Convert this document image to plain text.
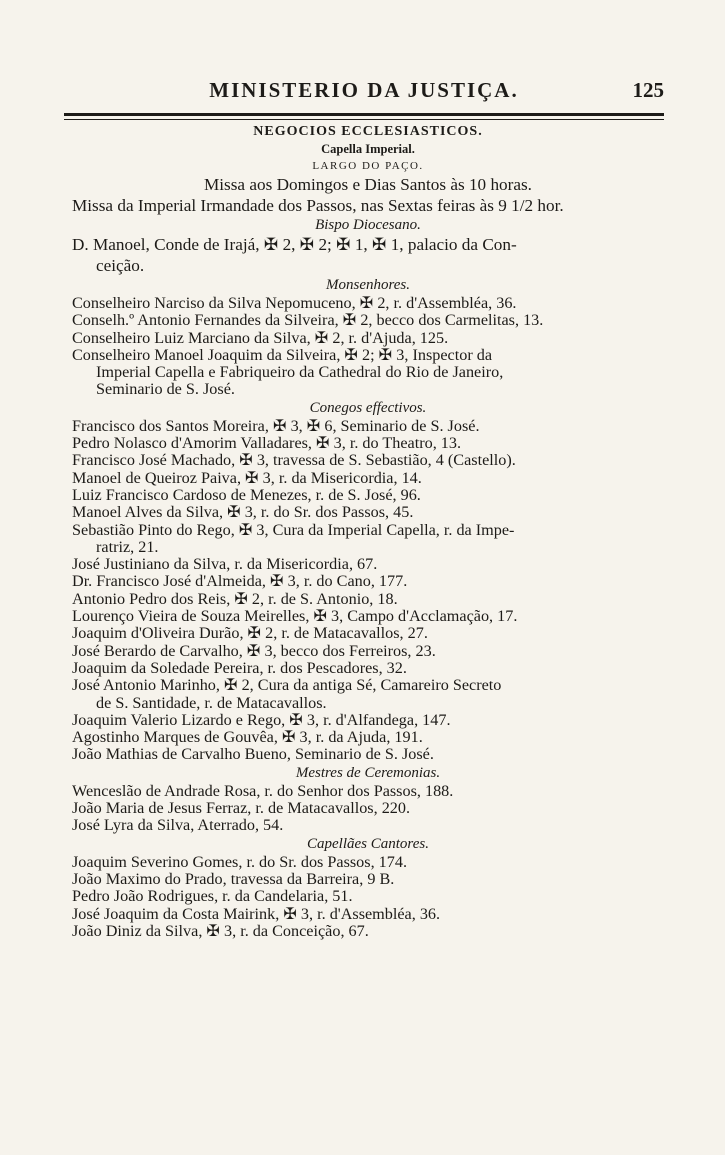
MINISTERIO DA JUSTIÇA.	125
NEGOCIOS ECCLESIASTICOS.
Capella Imperial.
LARGO DO PAÇO.
Missa aos Domingos e Dias Santos às 10 horas.
Missa da Imperial Irmandade dos Passos, nas Sextas feiras às 9 1/2 hor.
Bispo Diocesano.
D. Manoel, Conde de Irajá, ✠ 2, ✠ 2; ✠ 1, ✠ 1, palacio da Con-
ceição.
Monsenhores.
Conselheiro Narciso da Silva Nepomuceno, ✠ 2, r. d'Assembléa, 36.
Conselh.º Antonio Fernandes da Silveira, ✠ 2, becco dos Carmelitas, 13.
Conselheiro Luiz Marciano da Silva, ✠ 2, r. d'Ajuda, 125.
Conselheiro Manoel Joaquim da Silveira, ✠ 2; ✠ 3, Inspector da
Imperial Capella e Fabriqueiro da Cathedral do Rio de Janeiro,
Seminario de S. José.
Conegos effectivos.
Francisco dos Santos Moreira, ✠ 3, ✠ 6, Seminario de S. José.
Pedro Nolasco d'Amorim Valladares, ✠ 3, r. do Theatro, 13.
Francisco José Machado, ✠ 3, travessa de S. Sebastião, 4 (Castello).
Manoel de Queiroz Paiva, ✠ 3, r. da Misericordia, 14.
Luiz Francisco Cardoso de Menezes, r. de S. José, 96.
Manoel Alves da Silva, ✠ 3, r. do Sr. dos Passos, 45.
Sebastião Pinto do Rego, ✠ 3, Cura da Imperial Capella, r. da Impe-
ratriz, 21.
José Justiniano da Silva, r. da Misericordia, 67.
Dr. Francisco José d'Almeida, ✠ 3, r. do Cano, 177.
Antonio Pedro dos Reis, ✠ 2, r. de S. Antonio, 18.
Lourenço Vieira de Souza Meirelles, ✠ 3, Campo d'Acclamação, 17.
Joaquim d'Oliveira Durão, ✠ 2, r. de Matacavallos, 27.
José Berardo de Carvalho, ✠ 3, becco dos Ferreiros, 23.
Joaquim da Soledade Pereira, r. dos Pescadores, 32.
José Antonio Marinho, ✠ 2, Cura da antiga Sé, Camareiro Secreto
de S. Santidade, r. de Matacavallos.
Joaquim Valerio Lizardo e Rego, ✠ 3, r. d'Alfandega, 147.
Agostinho Marques de Gouvêa, ✠ 3, r. da Ajuda, 191.
João Mathias de Carvalho Bueno, Seminario de S. José.
Mestres de Ceremonias.
Wenceslão de Andrade Rosa, r. do Senhor dos Passos, 188.
João Maria de Jesus Ferraz, r. de Matacavallos, 220.
José Lyra da Silva, Aterrado, 54.
Capellães Cantores.
Joaquim Severino Gomes, r. do Sr. dos Passos, 174.
João Maximo do Prado, travessa da Barreira, 9 B.
Pedro João Rodrigues, r. da Candelaria, 51.
José Joaquim da Costa Mairink, ✠ 3, r. d'Assembléa, 36.
João Diniz da Silva, ✠ 3, r. da Conceição, 67.
